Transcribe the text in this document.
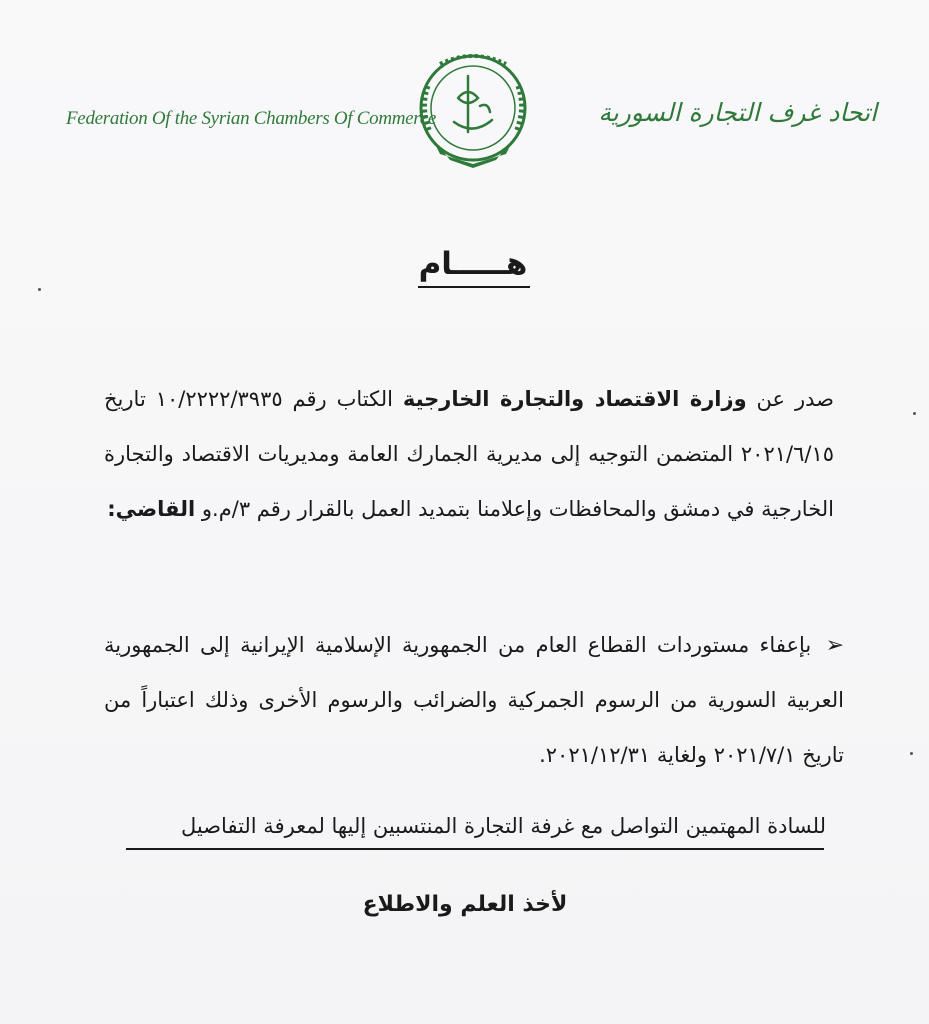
Federation Of the Syrian Chambers Of Commerce	اتحاد غرف التجارة السورية
هـــــام
صدر عن وزارة الاقتصاد والتجارة الخارجية الكتاب رقم ١٠/٢٢٢٢/٣٩٣٥ تاريخ ٢٠٢١/٦/١٥ المتضمن التوجيه إلى مديرية الجمارك العامة ومديريات الاقتصاد والتجارة الخارجية في دمشق والمحافظات وإعلامنا بتمديد العمل بالقرار رقم ٣/م.و القاضي:
➢ بإعفاء مستوردات القطاع العام من الجمهورية الإسلامية الإيرانية إلى الجمهورية العربية السورية من الرسوم الجمركية والضرائب والرسوم الأخرى وذلك اعتباراً من تاريخ ٢٠٢١/٧/١ ولغاية ٢٠٢١/١٢/٣١.
للسادة المهتمين التواصل مع غرفة التجارة المنتسبين إليها لمعرفة التفاصيل
لأخذ العلم والاطلاع
